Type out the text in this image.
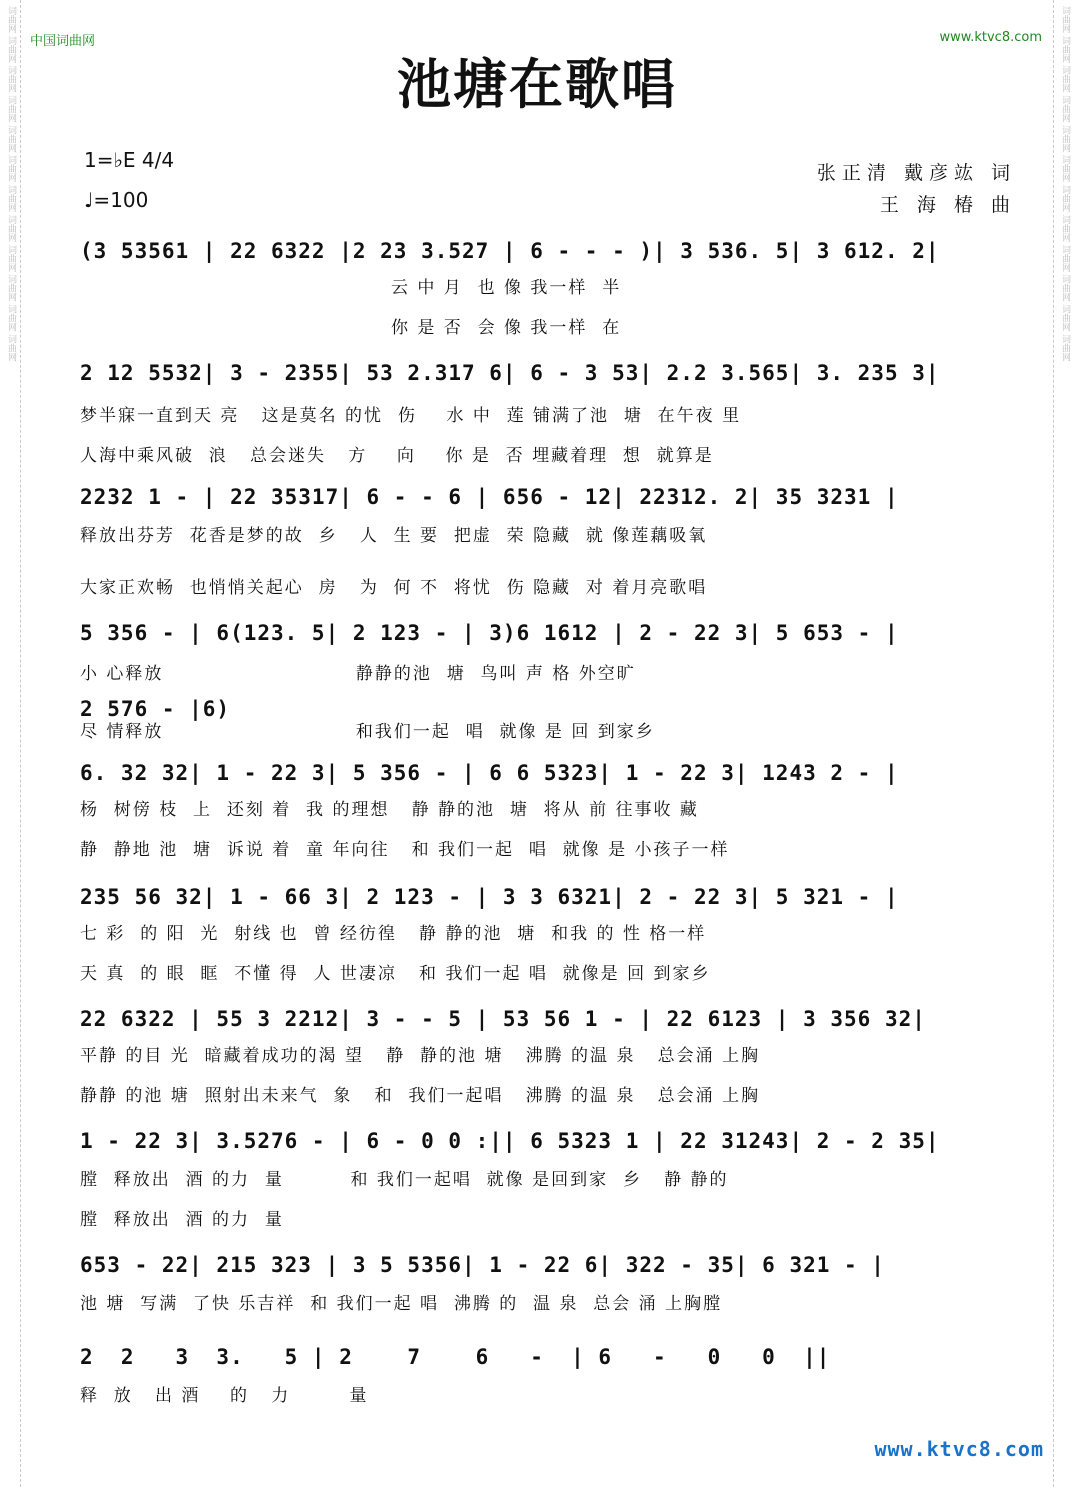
词曲网 词曲网 词曲网 词曲网 词曲网 词曲网 词曲网 词曲网 词曲网 词曲网 词曲网 词曲网	词曲网 词曲网 词曲网 词曲网 词曲网 词曲网 词曲网 词曲网 词曲网 词曲网 词曲网 词曲网
中国词曲网	www.ktvc8.com
池塘在歌唱
1=♭E 4/4
♩=100
张正清 戴彦竑 词
王 海 椿 曲
(3 53561 | 22 6322 |2 23 3.527 | 6 - - - )| 3 536. 5| 3 612. 2|
云 中 月  也 像 我一样  半
你 是 否  会 像 我一样  在
2 12 5532| 3 - 2355| 53 2.317 6| 6 - 3 53| 2.2 3.565| 3. 235 3|
梦半寐一直到天 亮   这是莫名 的忧  伤    水 中  莲 铺满了池  塘  在午夜 里
人海中乘风破  浪   总会迷失   方    向    你 是  否 埋藏着理  想  就算是
2232 1 - | 22 35317| 6 - - 6 | 656 - 12| 22312. 2| 35 3231 |
释放出芬芳  花香是梦的故  乡   人  生 要  把虚  荣 隐藏  就 像莲藕吸氧
大家正欢畅  也悄悄关起心  房   为  何 不  将忧  伤 隐藏  对 着月亮歌唱
5 356 - | 6(123. 5| 2 123 - | 3)6 1612 | 2 - 22 3| 5 653 - |
小 心释放                          静静的池  塘  鸟叫 声 格 外空旷
2 576 - |6)
尽 情释放                          和我们一起  唱  就像 是 回 到家乡
6. 32 32| 1 - 22 3| 5 356 - | 6 6 5323| 1 - 22 3| 1243 2 - |
杨  树傍 枝  上  还刻 着  我 的理想   静 静的池  塘  将从 前 往事收 藏
静  静地 池  塘  诉说 着  童 年向往   和 我们一起  唱  就像 是 小孩子一样
235 56 32| 1 - 66 3| 2 123 - | 3 3 6321| 2 - 22 3| 5 321 - |
七 彩  的 阳  光  射线 也  曾 经彷徨   静 静的池  塘  和我 的 性 格一样
天 真  的 眼  眶  不懂 得  人 世凄凉   和 我们一起 唱  就像是 回 到家乡
22 6322 | 55 3 2212| 3 - - 5 | 53 56 1 - | 22 6123 | 3 356 32|
平静 的目 光  暗藏着成功的渴 望   静  静的池 塘   沸腾 的温 泉   总会涌 上胸
静静 的池 塘  照射出未来气  象   和  我们一起唱   沸腾 的温 泉   总会涌 上胸
1 - 22 3| 3.5276 - | 6 - 0 0 :|| 6 5323 1 | 22 31243| 2 - 2 35|
膛  释放出  酒 的力  量         和 我们一起唱  就像 是回到家  乡   静 静的
膛  释放出  酒 的力  量
653 - 22| 215 323 | 3 5 5356| 1 - 22 6| 322 - 35| 6 321 - |
池 塘  写满  了快 乐吉祥  和 我们一起 唱  沸腾 的  温 泉  总会 涌 上胸膛
2  2   3  3.   5 | 2    7    6   -  | 6   -   0   0  ||
释  放   出 酒    的   力        量
www.ktvc8.com
